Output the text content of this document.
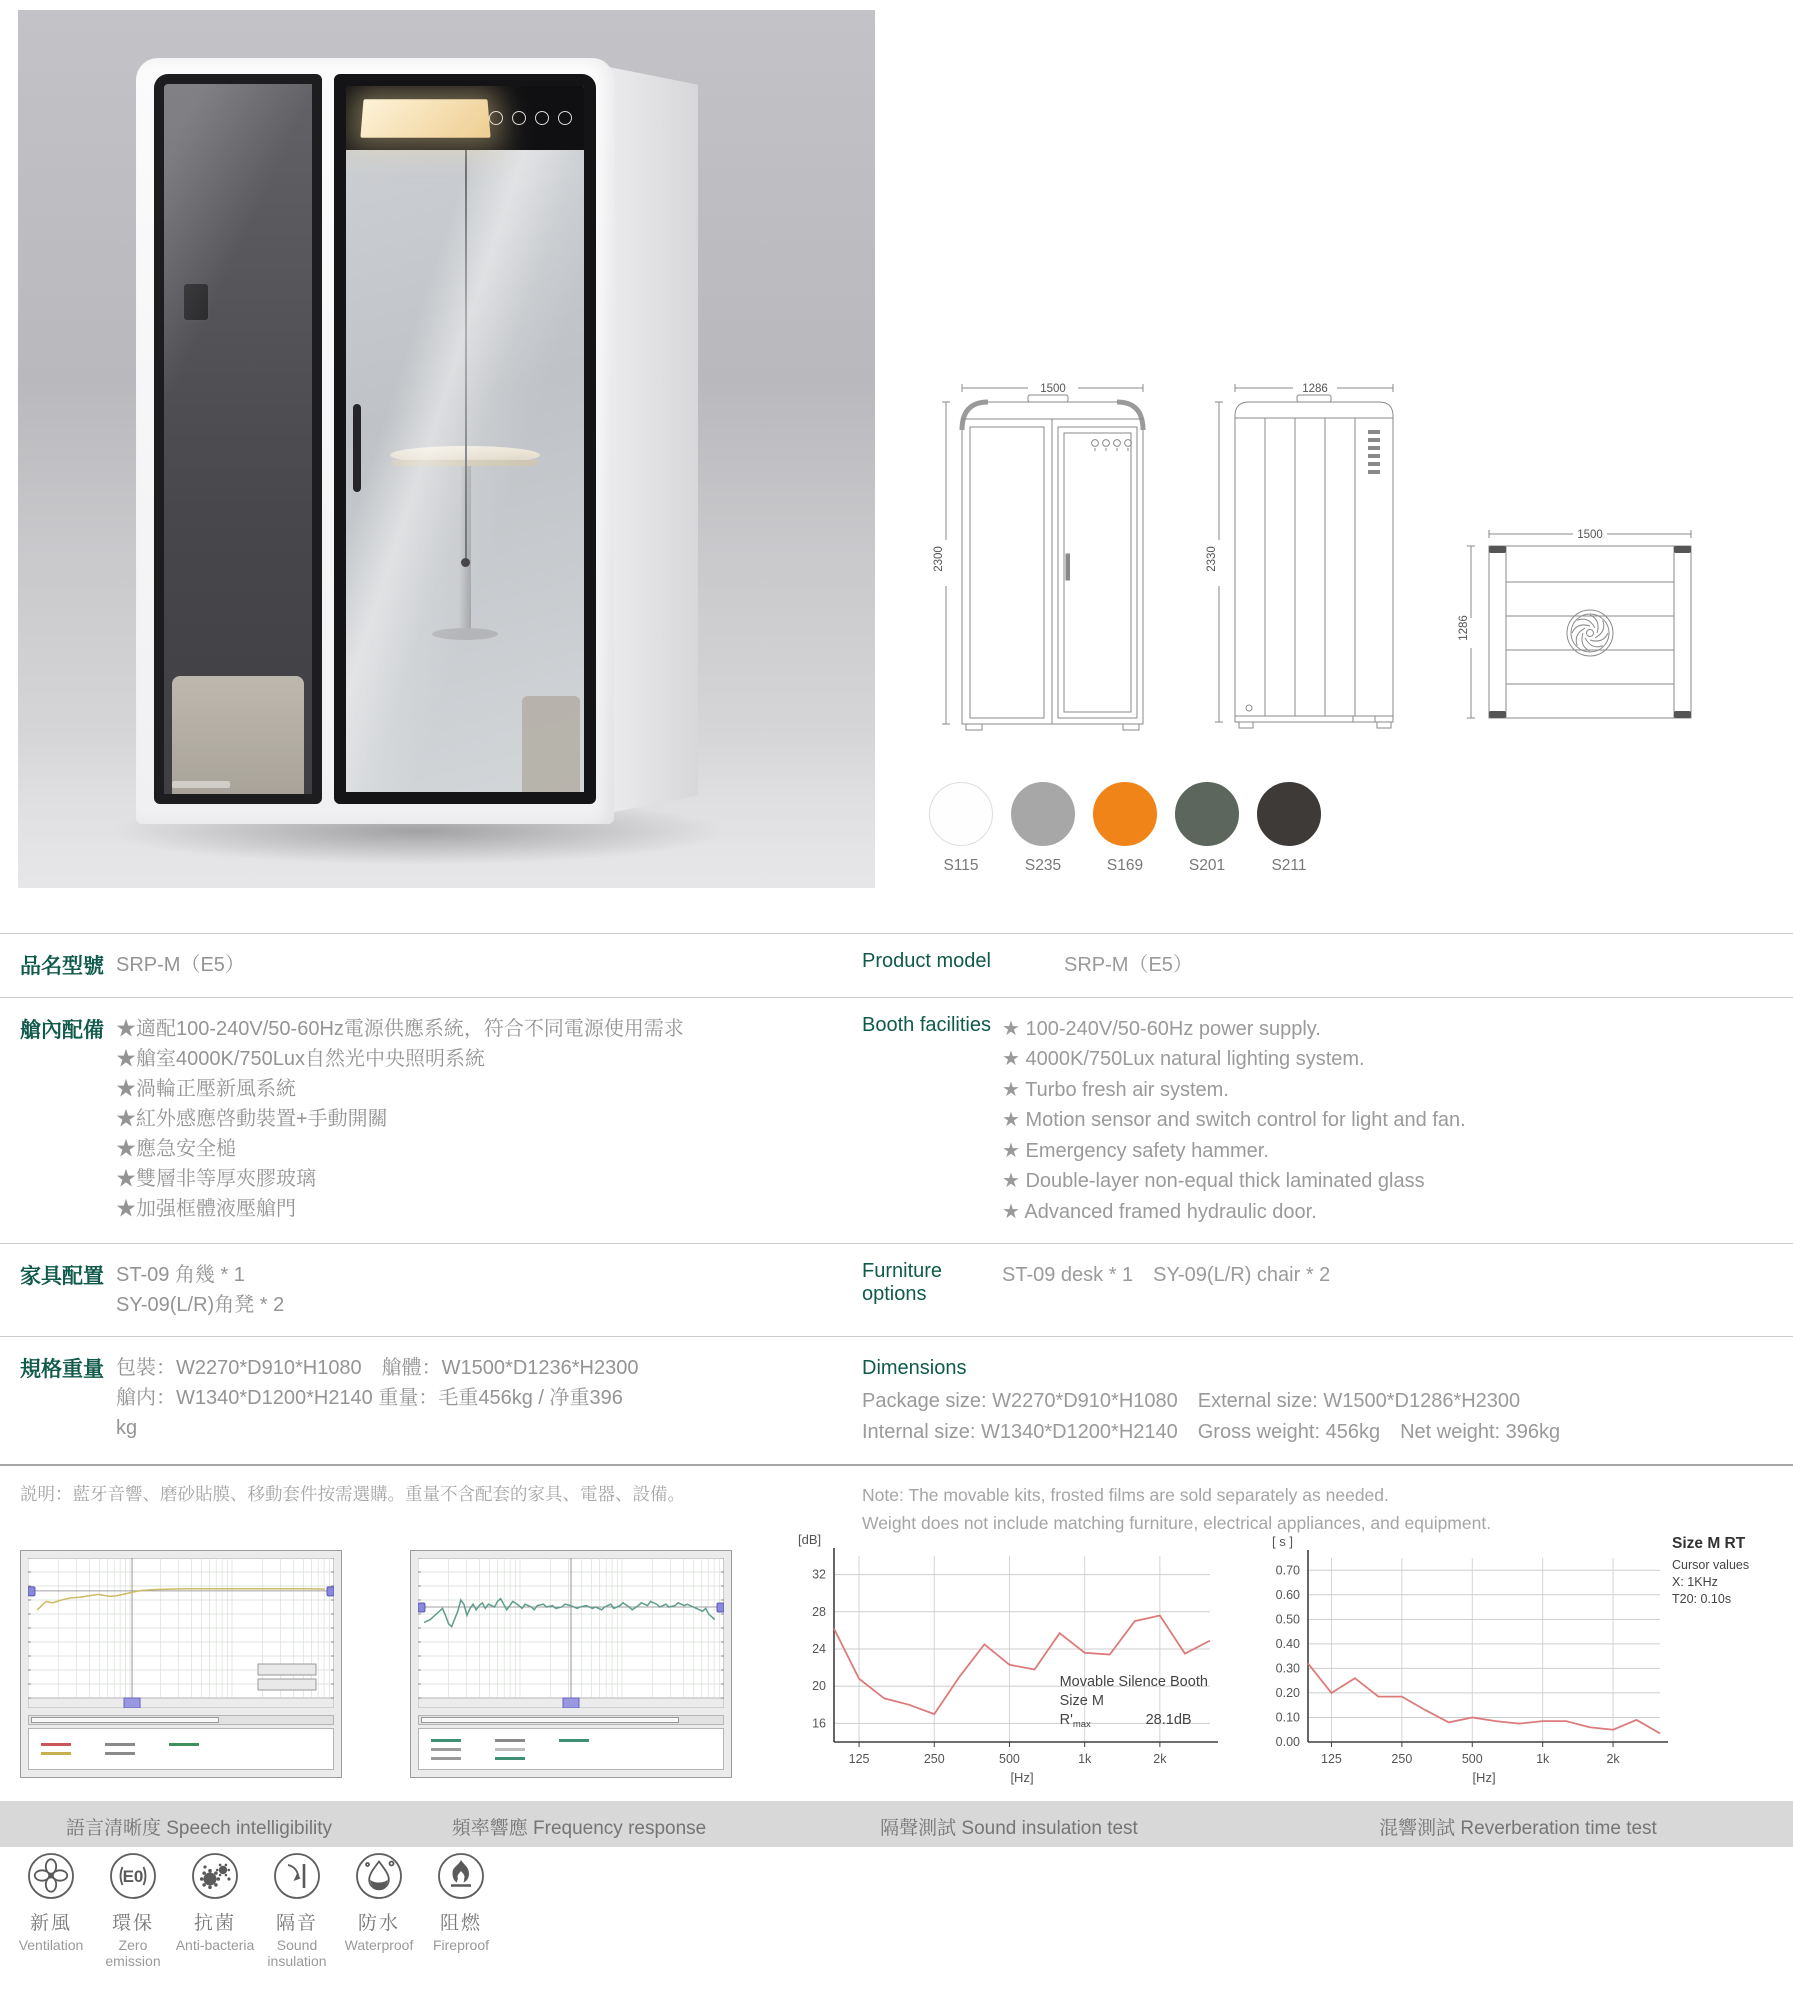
1500
2300
1286
2330
1500
1286
S115	S235	S169	S201	S211
品名型號 SRP-M（E5）	Product model	SRP-M（E5）
艙內配備 ★適配100-240V/50-60Hz電源供應系統，符合不同電源使用需求
★艙室4000K/750Lux自然光中央照明系統
★渦輪正壓新風系統
★紅外感應啓動裝置+手動開關
★應急安全槌
★雙層非等厚夾膠玻璃
★加强框體液壓艙門
Booth facilities ★ 100-240V/50-60Hz power supply.
★ 4000K/750Lux natural lighting system.
★ Turbo fresh air system.
★ Motion sensor and switch control for light and fan.
★ Emergency safety hammer.
★ Double-layer non-equal thick laminated glass
★ Advanced framed hydraulic door.
家具配置 ST-09 角幾 * 1
SY-09(L/R)角凳 * 2
Furniture options
ST-09 desk * 1　SY-09(L/R) chair * 2
規格重量 包裝：W2270*D910*H1080　艙體：W1500*D1236*H2300
艙内：W1340*D1200*H2140 重量：毛重456kg / 净重396
kg
Dimensions
Package size: W2270*D910*H1080　External size: W1500*D1286*H2300
Internal size: W1340*D1200*H2140　Gross weight: 456kg　Net weight: 396kg
説明：藍牙音響、磨砂貼膜、移動套件按需選購。重量不含配套的家具、電器、設備。	Note: The movable kits, frosted films are sold separately as needed.
Weight does not include matching furniture, electrical appliances, and equipment.
16
20
24
28
32
125	250	500	1k	2k
[dB]
[Hz]
Movable Silence Booth
Size M
$R'_{max}$	28.1dB
0.00
0.10
0.20
0.30
0.40
0.50
0.60
0.70
125	250	500	1k	2k
[ s ]
[Hz]
Size M RT
Cursor values
X: 1KHz
T20: 0.10s
語言清晰度 Speech intelligibility	頻率響應 Frequency response	隔聲測試 Sound insulation test	混響測試 Reverberation time test
新風
Ventilation
E0
環保
Zero emission
抗菌
Anti-bacteria
隔音
Sound insulation
防水
Waterproof
阻燃
Fireproof
